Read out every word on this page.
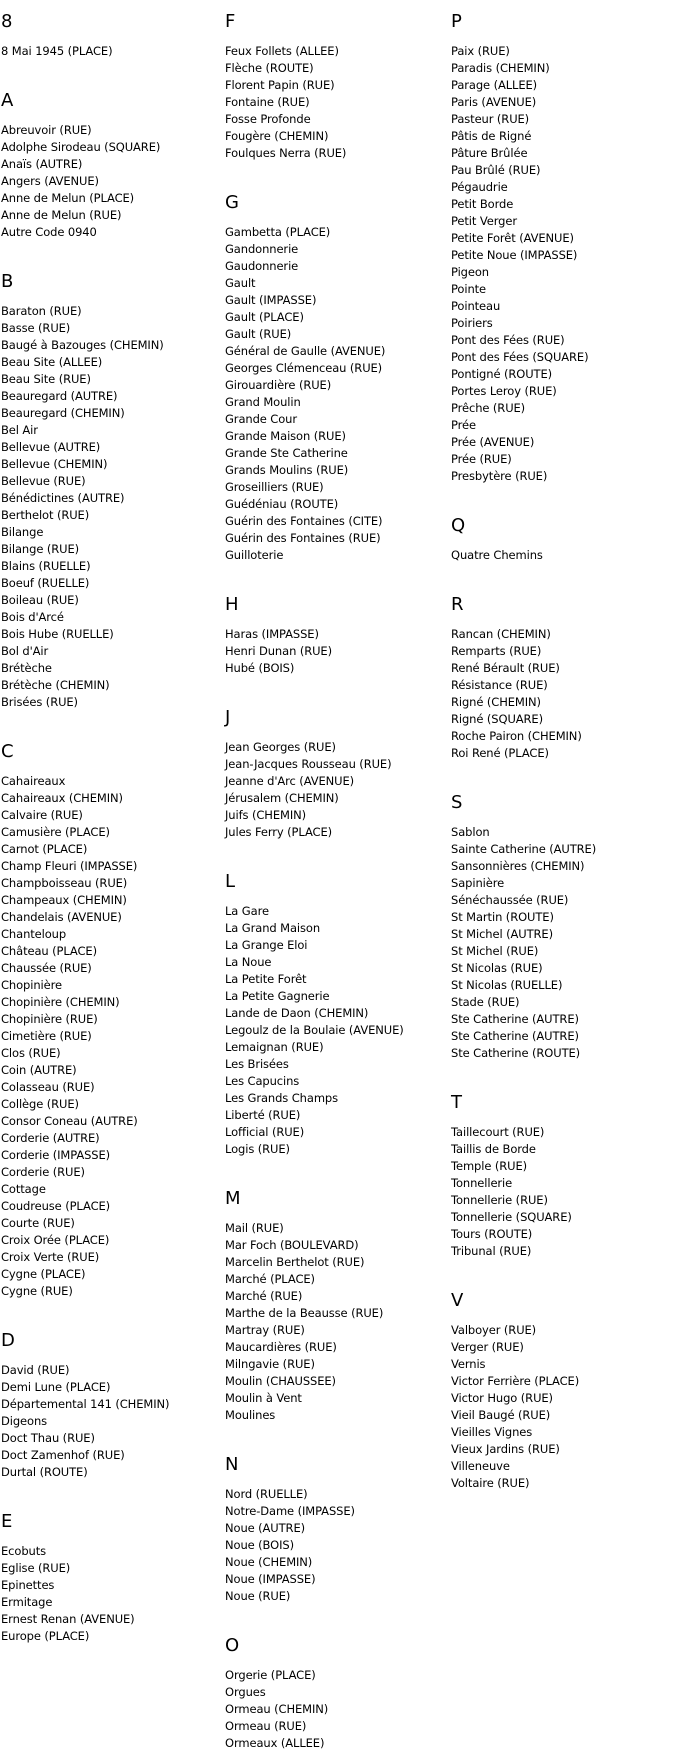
8
8 Mai 1945 (PLACE)
A
Abreuvoir (RUE)
Adolphe Sirodeau (SQUARE)
Anaïs (AUTRE)
Angers (AVENUE)
Anne de Melun (PLACE)
Anne de Melun (RUE)
Autre Code 0940
B
Baraton (RUE)
Basse (RUE)
Baugé à Bazouges (CHEMIN)
Beau Site (ALLEE)
Beau Site (RUE)
Beauregard (AUTRE)
Beauregard (CHEMIN)
Bel Air
Bellevue (AUTRE)
Bellevue (CHEMIN)
Bellevue (RUE)
Bénédictines (AUTRE)
Berthelot (RUE)
Bilange
Bilange (RUE)
Blains (RUELLE)
Boeuf (RUELLE)
Boileau (RUE)
Bois d'Arcé
Bois Hube (RUELLE)
Bol d'Air
Brétèche
Brétèche (CHEMIN)
Brisées (RUE)
C
Cahaireaux
Cahaireaux (CHEMIN)
Calvaire (RUE)
Camusière (PLACE)
Carnot (PLACE)
Champ Fleuri (IMPASSE)
Champboisseau (RUE)
Champeaux (CHEMIN)
Chandelais (AVENUE)
Chanteloup
Château (PLACE)
Chaussée (RUE)
Chopinière
Chopinière (CHEMIN)
Chopinière (RUE)
Cimetière (RUE)
Clos (RUE)
Coin (AUTRE)
Colasseau (RUE)
Collège (RUE)
Consor Coneau (AUTRE)
Corderie (AUTRE)
Corderie (IMPASSE)
Corderie (RUE)
Cottage
Coudreuse (PLACE)
Courte (RUE)
Croix Orée (PLACE)
Croix Verte (RUE)
Cygne (PLACE)
Cygne (RUE)
D
David (RUE)
Demi Lune (PLACE)
Départemental 141 (CHEMIN)
Digeons
Doct Thau (RUE)
Doct Zamenhof (RUE)
Durtal (ROUTE)
E
Ecobuts
Eglise (RUE)
Epinettes
Ermitage
Ernest Renan (AVENUE)
Europe (PLACE)
F
Feux Follets (ALLEE)
Flèche (ROUTE)
Florent Papin (RUE)
Fontaine (RUE)
Fosse Profonde
Fougère (CHEMIN)
Foulques Nerra (RUE)
G
Gambetta (PLACE)
Gandonnerie
Gaudonnerie
Gault
Gault (IMPASSE)
Gault (PLACE)
Gault (RUE)
Général de Gaulle (AVENUE)
Georges Clémenceau (RUE)
Girouardière (RUE)
Grand Moulin
Grande Cour
Grande Maison (RUE)
Grande Ste Catherine
Grands Moulins (RUE)
Groseilliers (RUE)
Guédéniau (ROUTE)
Guérin des Fontaines (CITE)
Guérin des Fontaines (RUE)
Guilloterie
H
Haras (IMPASSE)
Henri Dunan (RUE)
Hubé (BOIS)
J
Jean Georges (RUE)
Jean-Jacques Rousseau (RUE)
Jeanne d'Arc (AVENUE)
Jérusalem (CHEMIN)
Juifs (CHEMIN)
Jules Ferry (PLACE)
L
La Gare
La Grand Maison
La Grange Eloi
La Noue
La Petite Forêt
La Petite Gagnerie
Lande de Daon (CHEMIN)
Legoulz de la Boulaie (AVENUE)
Lemaignan (RUE)
Les Brisées
Les Capucins
Les Grands Champs
Liberté (RUE)
Lofficial (RUE)
Logis (RUE)
M
Mail (RUE)
Mar Foch (BOULEVARD)
Marcelin Berthelot (RUE)
Marché (PLACE)
Marché (RUE)
Marthe de la Beausse (RUE)
Martray (RUE)
Maucardières (RUE)
Milngavie (RUE)
Moulin (CHAUSSEE)
Moulin à Vent
Moulines
N
Nord (RUELLE)
Notre-Dame (IMPASSE)
Noue (AUTRE)
Noue (BOIS)
Noue (CHEMIN)
Noue (IMPASSE)
Noue (RUE)
O
Orgerie (PLACE)
Orgues
Ormeau (CHEMIN)
Ormeau (RUE)
Ormeaux (ALLEE)
P
Paix (RUE)
Paradis (CHEMIN)
Parage (ALLEE)
Paris (AVENUE)
Pasteur (RUE)
Pâtis de Rigné
Pâture Brûlée
Pau Brûlé (RUE)
Pégaudrie
Petit Borde
Petit Verger
Petite Forêt (AVENUE)
Petite Noue (IMPASSE)
Pigeon
Pointe
Pointeau
Poiriers
Pont des Fées (RUE)
Pont des Fées (SQUARE)
Pontigné (ROUTE)
Portes Leroy (RUE)
Prêche (RUE)
Prée
Prée (AVENUE)
Prée (RUE)
Presbytère (RUE)
Q
Quatre Chemins
R
Rancan (CHEMIN)
Remparts (RUE)
René Bérault (RUE)
Résistance (RUE)
Rigné (CHEMIN)
Rigné (SQUARE)
Roche Pairon (CHEMIN)
Roi René (PLACE)
S
Sablon
Sainte Catherine (AUTRE)
Sansonnières (CHEMIN)
Sapinière
Sénéchaussée (RUE)
St Martin (ROUTE)
St Michel (AUTRE)
St Michel (RUE)
St Nicolas (RUE)
St Nicolas (RUELLE)
Stade (RUE)
Ste Catherine (AUTRE)
Ste Catherine (AUTRE)
Ste Catherine (ROUTE)
T
Taillecourt (RUE)
Taillis de Borde
Temple (RUE)
Tonnellerie
Tonnellerie (RUE)
Tonnellerie (SQUARE)
Tours (ROUTE)
Tribunal (RUE)
V
Valboyer (RUE)
Verger (RUE)
Vernis
Victor Ferrière (PLACE)
Victor Hugo (RUE)
Vieil Baugé (RUE)
Vieilles Vignes
Vieux Jardins (RUE)
Villeneuve
Voltaire (RUE)
